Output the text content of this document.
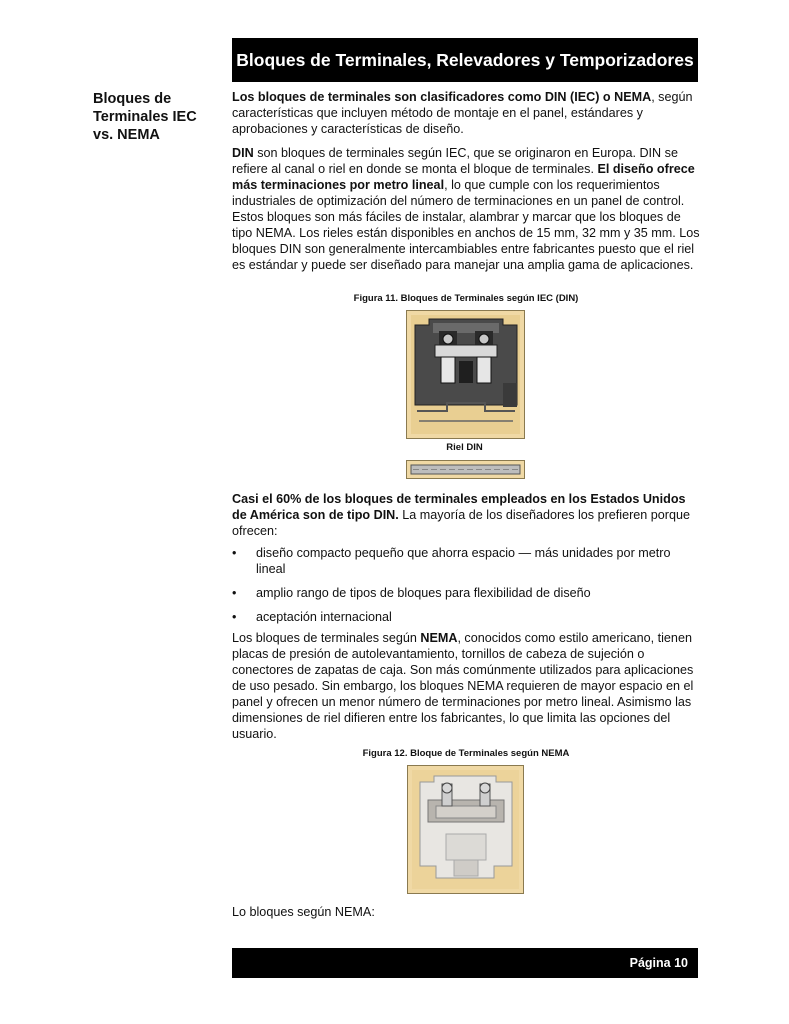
Bloques de Terminales, Relevadores y Temporizadores
Bloques de Terminales IEC vs. NEMA

Los bloques de terminales son clasificadores como DIN (IEC) o NEMA, según características que incluyen método de montaje en el panel, estándares y aprobaciones y características de diseño.

DIN son bloques de terminales según IEC, que se originaron en Europa. DIN se refiere al canal o riel en donde se monta el bloque de terminales. El diseño ofrece más terminaciones por metro lineal, lo que cumple con los requerimientos industriales de optimización del número de terminaciones en un panel de control. Estos bloques son más fáciles de instalar, alambrar y marcar que los bloques de tipo NEMA. Los rieles están disponibles en anchos de 15 mm, 32 mm y 35 mm. Los bloques DIN son generalmente intercambiables entre fabricantes puesto que el riel es estándar y puede ser diseñado para manejar una amplia gama de aplicaciones.

Figura 11. Bloques de Terminales según IEC (DIN)
Riel DIN

Casi el 60% de los bloques de terminales empleados en los Estados Unidos de América son de tipo DIN. La mayoría de los diseñadores los prefieren porque ofrecen:

• diseño compacto pequeño que ahorra espacio — más unidades por metro lineal
• amplio rango de tipos de bloques para flexibilidad de diseño
• aceptación internacional

Los bloques de terminales según NEMA, conocidos como estilo americano, tienen placas de presión de autolevantamiento, tornillos de cabeza de sujeción o conectores de zapatas de caja. Son más comúnmente utilizados para aplicaciones de uso pesado. Sin embargo, los bloques NEMA requieren de mayor espacio en el panel y ofrecen un menor número de terminaciones por metro lineal. Asimismo las dimensiones de riel difieren entre los fabricantes, lo que limita las opciones del usuario.

Figura 12. Bloque de Terminales según NEMA

Lo bloques según NEMA:

Página 10
